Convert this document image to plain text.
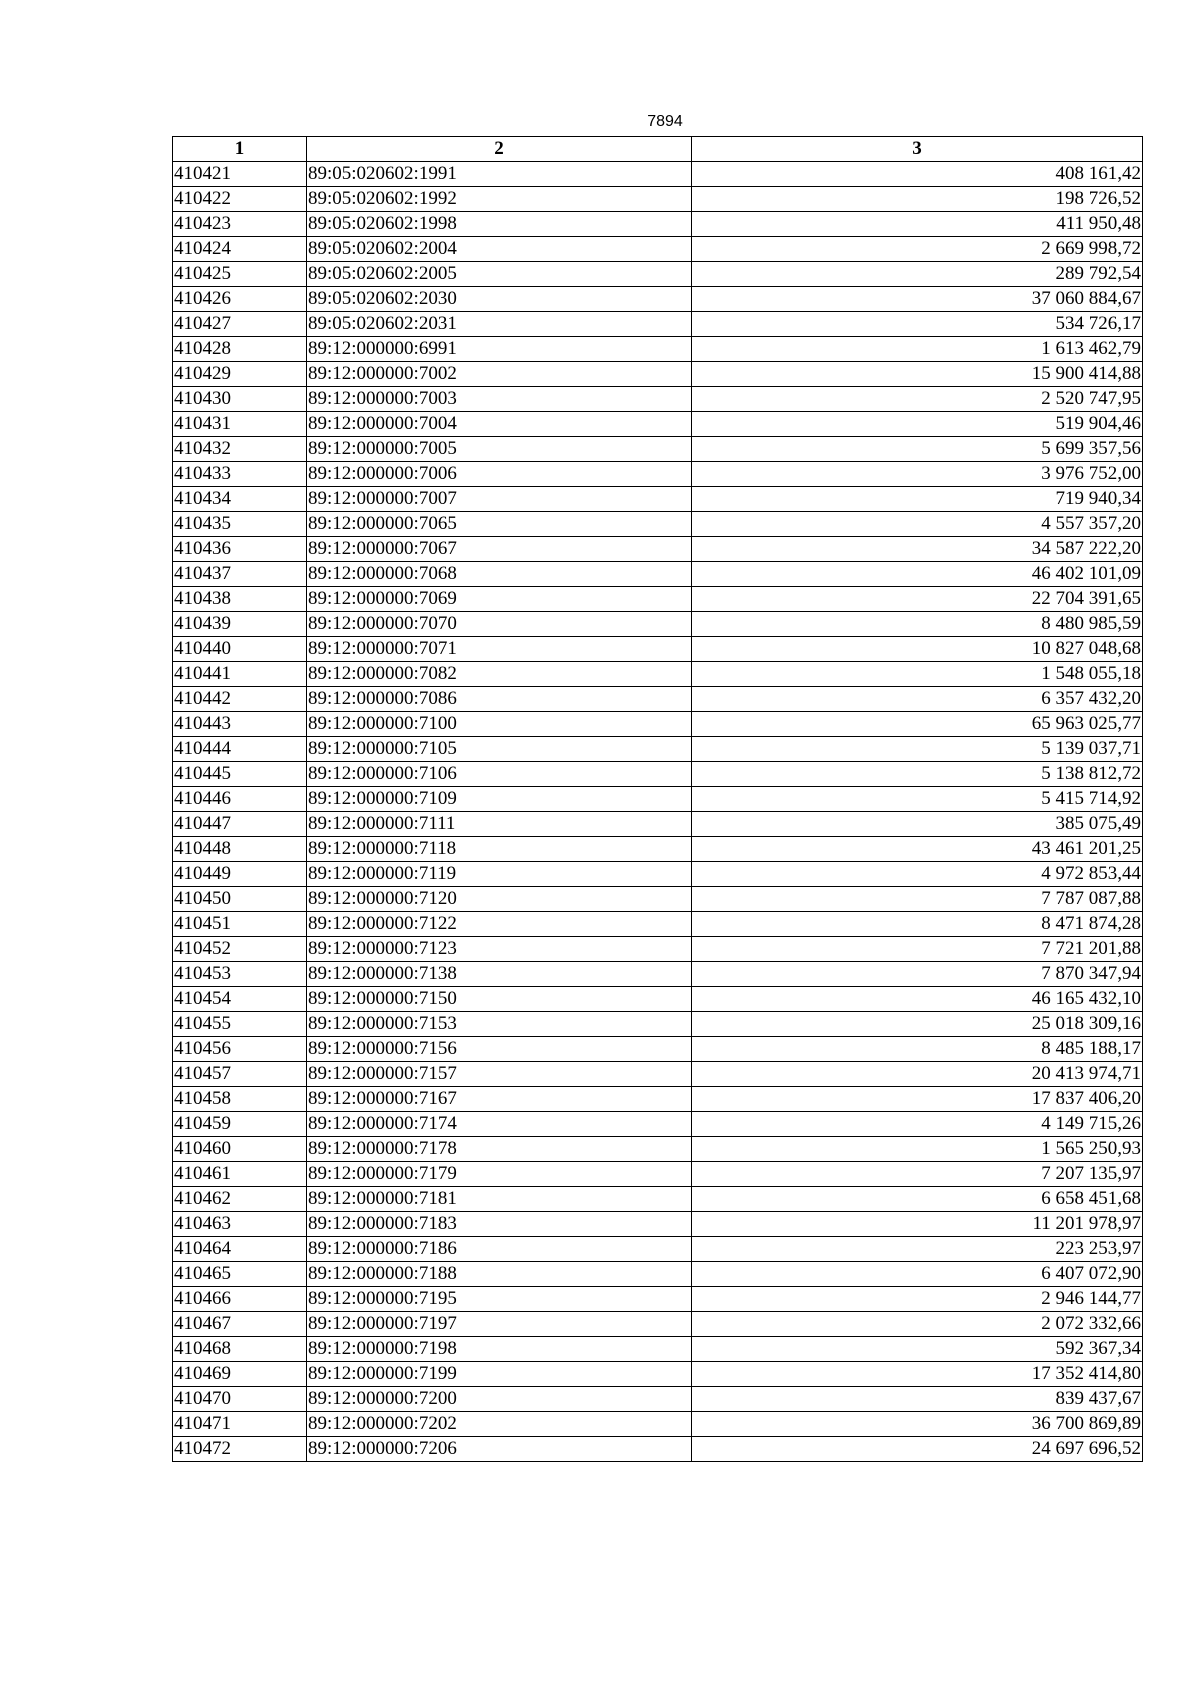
7894
1	2	3
410421	89:05:020602:1991	408 161,42
410422	89:05:020602:1992	198 726,52
410423	89:05:020602:1998	411 950,48
410424	89:05:020602:2004	2 669 998,72
410425	89:05:020602:2005	289 792,54
410426	89:05:020602:2030	37 060 884,67
410427	89:05:020602:2031	534 726,17
410428	89:12:000000:6991	1 613 462,79
410429	89:12:000000:7002	15 900 414,88
410430	89:12:000000:7003	2 520 747,95
410431	89:12:000000:7004	519 904,46
410432	89:12:000000:7005	5 699 357,56
410433	89:12:000000:7006	3 976 752,00
410434	89:12:000000:7007	719 940,34
410435	89:12:000000:7065	4 557 357,20
410436	89:12:000000:7067	34 587 222,20
410437	89:12:000000:7068	46 402 101,09
410438	89:12:000000:7069	22 704 391,65
410439	89:12:000000:7070	8 480 985,59
410440	89:12:000000:7071	10 827 048,68
410441	89:12:000000:7082	1 548 055,18
410442	89:12:000000:7086	6 357 432,20
410443	89:12:000000:7100	65 963 025,77
410444	89:12:000000:7105	5 139 037,71
410445	89:12:000000:7106	5 138 812,72
410446	89:12:000000:7109	5 415 714,92
410447	89:12:000000:7111	385 075,49
410448	89:12:000000:7118	43 461 201,25
410449	89:12:000000:7119	4 972 853,44
410450	89:12:000000:7120	7 787 087,88
410451	89:12:000000:7122	8 471 874,28
410452	89:12:000000:7123	7 721 201,88
410453	89:12:000000:7138	7 870 347,94
410454	89:12:000000:7150	46 165 432,10
410455	89:12:000000:7153	25 018 309,16
410456	89:12:000000:7156	8 485 188,17
410457	89:12:000000:7157	20 413 974,71
410458	89:12:000000:7167	17 837 406,20
410459	89:12:000000:7174	4 149 715,26
410460	89:12:000000:7178	1 565 250,93
410461	89:12:000000:7179	7 207 135,97
410462	89:12:000000:7181	6 658 451,68
410463	89:12:000000:7183	11 201 978,97
410464	89:12:000000:7186	223 253,97
410465	89:12:000000:7188	6 407 072,90
410466	89:12:000000:7195	2 946 144,77
410467	89:12:000000:7197	2 072 332,66
410468	89:12:000000:7198	592 367,34
410469	89:12:000000:7199	17 352 414,80
410470	89:12:000000:7200	839 437,67
410471	89:12:000000:7202	36 700 869,89
410472	89:12:000000:7206	24 697 696,52
